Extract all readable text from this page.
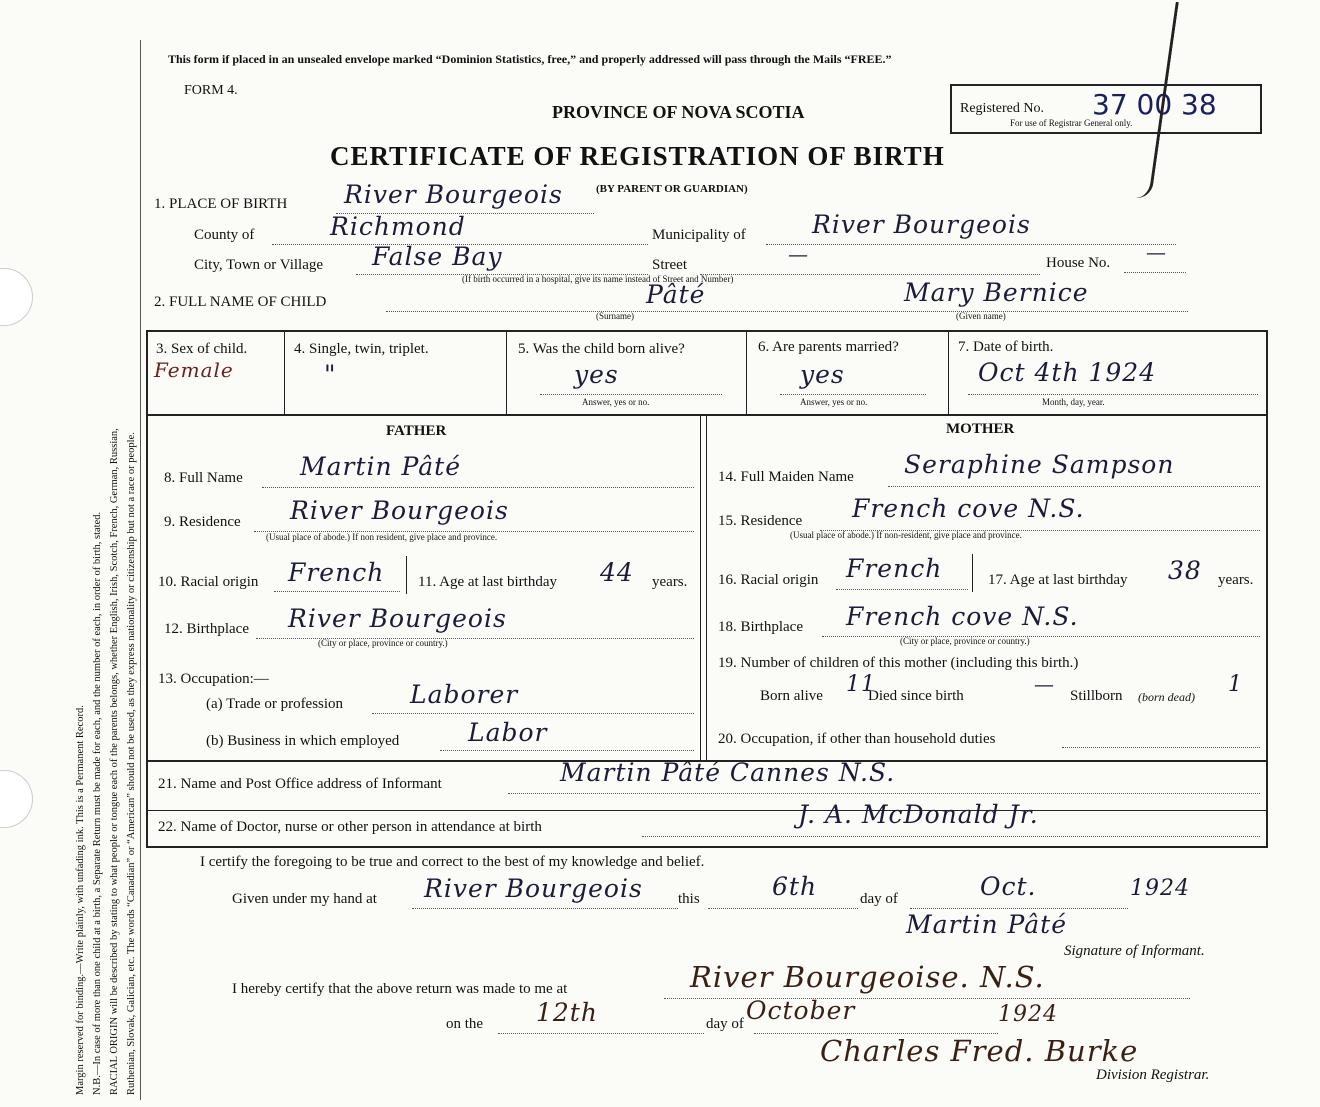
Margin reserved for binding.—Write plainly, with unfading ink. This is a Permanent Record. N.B.—In case of more than one child at a birth, a Separate Return must be made for each, and the number of each, in order of birth, stated. RACIAL ORIGIN will be described by stating to what people or tongue each of the parents belongs, whether English, Irish, Scotch, French, German, Russian, Ruthenian, Slovak, Galician, etc. The words “Canadian” or “American” should not be used, as they express nationality or citizenship but not a race or people.
This form if placed in an unsealed envelope marked “Dominion Statistics, free,” and properly addressed will pass through the Mails “FREE.”
FORM 4.
PROVINCE OF NOVA SCOTIA
CERTIFICATE OF REGISTRATION OF BIRTH
(BY PARENT OR GUARDIAN)
Registered No. 37 00 38
For use of Registrar General only.
1. PLACE OF BIRTH River Bourgeois
County of	Richmond	Municipality of	River Bourgeois
City, Town or Village False Bay	Street	—	House No. —
(If birth occurred in a hospital, give its name instead of Street and Number)
2. FULL NAME OF CHILD	Pâté	Mary Bernice
(Surname)	(Given name)
3. Sex of child.
Female
4. Single, twin, triplet.
"
5. Was the child born alive?
yes
Answer, yes or no.
6. Are parents married?
yes
Answer, yes or no.
7. Date of birth.
Oct 4th 1924
Month, day, year.
FATHER
8. Full Name Martin Pâté
9. Residence River Bourgeois
(Usual place of abode.) If non resident, give place and province.
10. Racial origin French 11. Age at last birthday 44 years.
12. Birthplace River Bourgeois
(City or place, province or country.)
13. Occupation:—
(a) Trade or profession	Laborer
(b) Business in which employed	Labor
MOTHER
14. Full Maiden Name Seraphine Sampson
15. Residence French cove N.S.
(Usual place of abode.) If non-resident, give place and province.
16. Racial origin French	17. Age at last birthday 38 years.
18. Birthplace French cove N.S.
(City or place, province or country.)
19. Number of children of this mother (including this birth.)
Born alive 11
Died since birth	— Stillborn (born dead) 1
20. Occupation, if other than household duties
21. Name and Post Office address of Informant	Martin Pâté Cannes N.S.
22. Name of Doctor, nurse or other person in attendance at birth	J. A. McDonald Jr.
I certify the foregoing to be true and correct to the best of my knowledge and belief.
Given under my hand at River Bourgeois this	6th	day of	Oct.	1924
Martin Pâté
Signature of Informant.
I hereby certify that the above return was made to me at	River Bourgeoise. N.S.
on the 12th	day of October	1924
Charles Fred. Burke
Division Registrar.
